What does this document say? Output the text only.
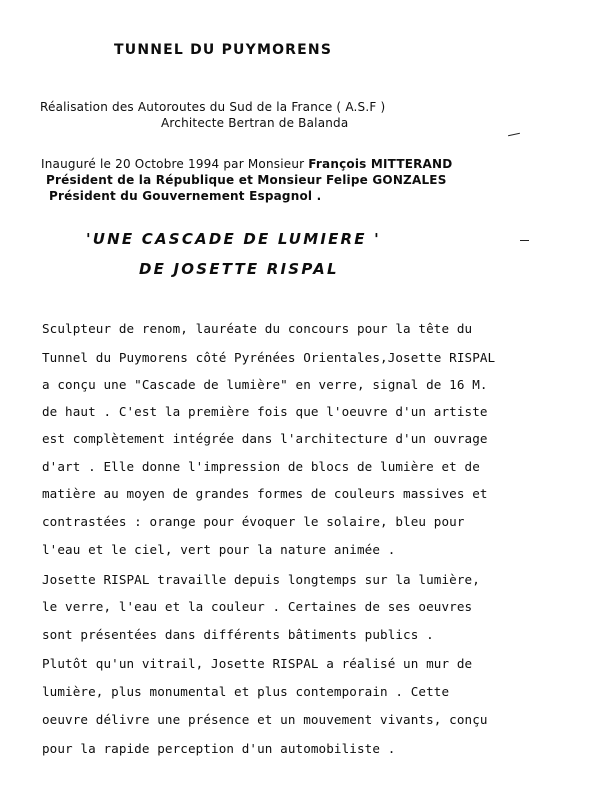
TUNNEL DU PUYMORENS
Réalisation des Autoroutes du Sud de la France ( A.S.F )
Architecte Bertran de Balanda
Inauguré le 20 Octobre 1994 par Monsieur François MITTERAND
Président de la République et Monsieur Felipe GONZALES
Président du Gouvernement Espagnol .
'UNE CASCADE DE LUMIERE '
DE JOSETTE RISPAL
Sculpteur de renom, lauréate du concours pour la tête du
Tunnel du Puymorens côté Pyrénées Orientales,Josette RISPAL
a conçu une "Cascade de lumière" en verre, signal de 16 M.
de haut . C'est la première fois que l'oeuvre d'un artiste
est complètement intégrée dans l'architecture d'un ouvrage
d'art . Elle donne l'impression de blocs de lumière et de
matière au moyen de grandes formes de couleurs massives et
contrastées : orange pour évoquer le solaire, bleu pour
l'eau et le ciel, vert pour la nature animée .
Josette RISPAL travaille depuis longtemps sur la lumière,
le verre, l'eau et la couleur . Certaines de ses oeuvres
sont présentées dans différents bâtiments publics .
Plutôt qu'un vitrail, Josette RISPAL a réalisé un mur de
lumière, plus monumental et plus contemporain . Cette
oeuvre délivre une présence et un mouvement vivants, conçu
pour la rapide perception d'un automobiliste .
